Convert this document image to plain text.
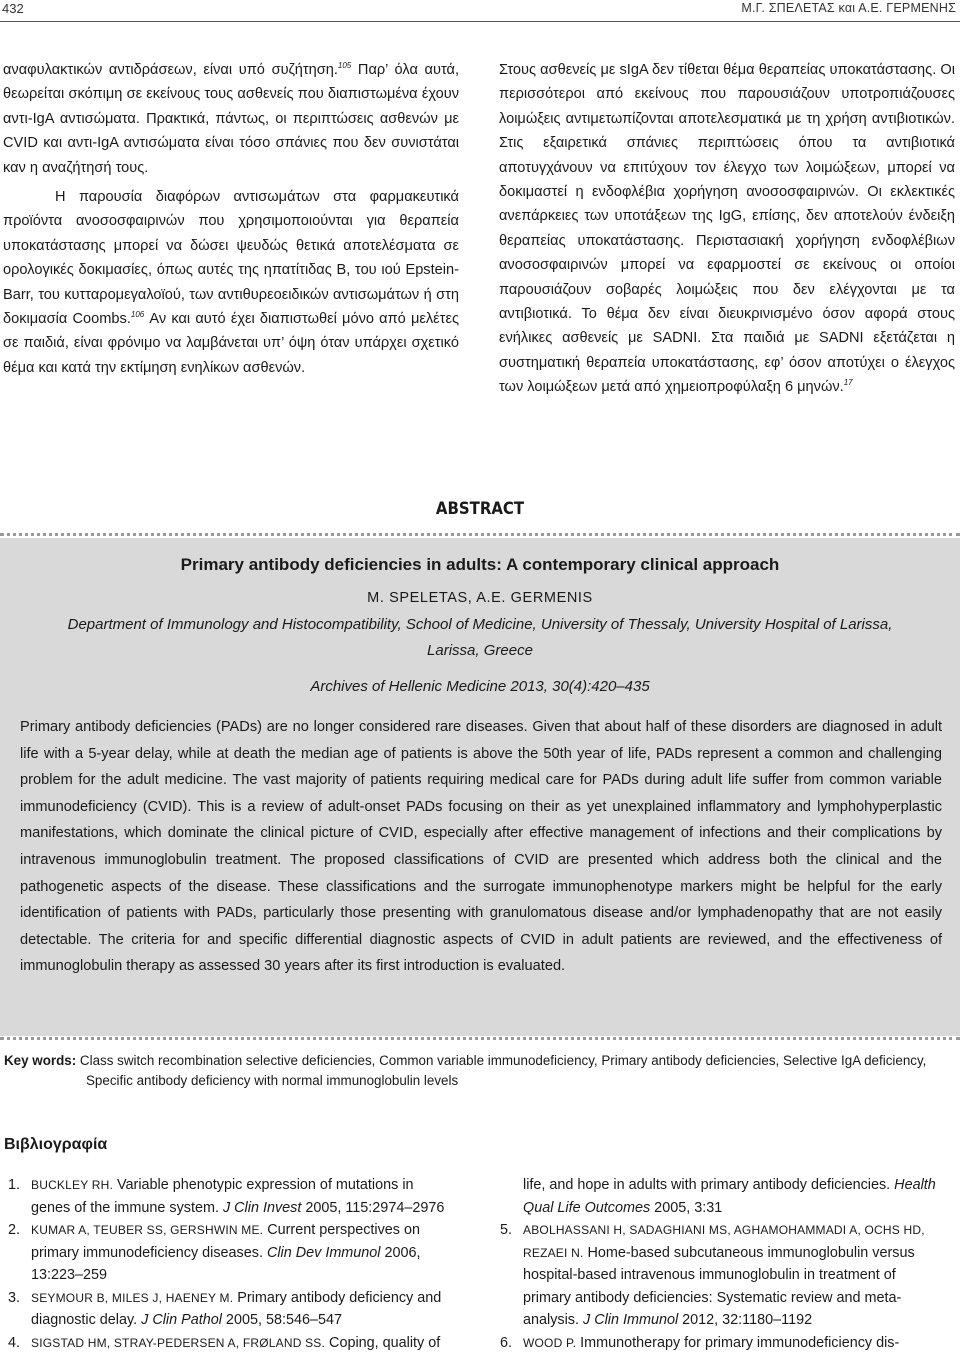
432	Μ.Γ. ΣΠΕΛΕΤΑΣ και Α.Ε. ΓΕΡΜΕΝΗΣ

αναφυλακτικών αντιδράσεων, είναι υπό συζήτηση.$^{105}$ Παρ’ όλα αυτά, θεωρείται σκόπιμη σε εκείνους τους ασθενείς που διαπιστωμένα έχουν αντι-IgA αντισώματα. Πρακτικά, πάντως, οι περιπτώσεις ασθενών με CVID και αντι-IgA αντισώματα είναι τόσο σπάνιες που δεν συνιστάται καν η αναζήτησή τους.

Η παρουσία διαφόρων αντισωμάτων στα φαρμακευτικά προϊόντα ανοσοσφαιρινών που χρησιμοποιούνται για θεραπεία υποκατάστασης μπορεί να δώσει ψευδώς θετικά αποτελέσματα σε ορολογικές δοκιμασίες, όπως αυτές της ηπατίτιδας B, του ιού Epstein-Barr, του κυτταρομεγαλοϊού, των αντιθυρεοειδικών αντισωμάτων ή στη δοκιμασία Coombs.$^{106}$ Αν και αυτό έχει διαπιστωθεί μόνο από μελέτες σε παιδιά, είναι φρόνιμο να λαμβάνεται υπ’ όψη όταν υπάρχει σχετικό θέμα και κατά την εκτίμηση ενηλίκων ασθενών.

Στους ασθενείς με sIgA δεν τίθεται θέμα θεραπείας υποκατάστασης. Οι περισσότεροι από εκείνους που παρουσιάζουν υποτροπιάζουσες λοιμώξεις αντιμετωπίζονται αποτελεσματικά με τη χρήση αντιβιοτικών. Στις εξαιρετικά σπάνιες περιπτώσεις όπου τα αντιβιοτικά αποτυγχάνουν να επιτύχουν τον έλεγχο των λοιμώξεων, μπορεί να δοκιμαστεί η ενδοφλέβια χορήγηση ανοσοσφαιρινών. Οι εκλεκτικές ανεπάρκειες των υποτάξεων της IgG, επίσης, δεν αποτελούν ένδειξη θεραπείας υποκατάστασης. Περιστασιακή χορήγηση ενδοφλέβιων ανοσοσφαιρινών μπορεί να εφαρμοστεί σε εκείνους οι οποίοι παρουσιάζουν σοβαρές λοιμώξεις που δεν ελέγχονται με τα αντιβιοτικά. Το θέμα δεν είναι διευκρινισμένο όσον αφορά στους ενήλικες ασθενείς με SADNI. Στα παιδιά με SADNI εξετάζεται η συστηματική θεραπεία υποκατάστασης, εφ’ όσον αποτύχει ο έλεγχος των λοιμώξεων μετά από χημειοπροφύλαξη 6 μηνών.$^{17}$

ABSTRACT
Primary antibody deficiencies in adults: A contemporary clinical approach
M. SPELETAS, A.E. GERMENIS
Department of Immunology and Histocompatibility, School of Medicine, University of Thessaly, University Hospital of Larissa, Larissa, Greece
Archives of Hellenic Medicine 2013, 30(4):420–435

Primary antibody deficiencies (PADs) are no longer considered rare diseases. Given that about half of these disorders are diagnosed in adult life with a 5-year delay, while at death the median age of patients is above the 50th year of life, PADs represent a common and challenging problem for the adult medicine. The vast majority of patients requiring medical care for PADs during adult life suffer from common variable immunodeficiency (CVID). This is a review of adult-onset PADs focusing on their as yet unexplained inflammatory and lymphohyperplastic manifestations, which dominate the clinical picture of CVID, especially after effective management of infections and their complications by intravenous immunoglobulin treatment. The proposed classifications of CVID are presented which address both the clinical and the pathogenetic aspects of the disease. These classifications and the surrogate immunophenotype markers might be helpful for the early identification of patients with PADs, particularly those presenting with granulomatous disease and/or lymphadenopathy that are not easily detectable. The criteria for and specific differential diagnostic aspects of CVID in adult patients are reviewed, and the effectiveness of immunoglobulin therapy as assessed 30 years after its first introduction is evaluated.

Key words: Class switch recombination selective deficiencies, Common variable immunodeficiency, Primary antibody deficiencies, Selective IgA deficiency, Specific antibody deficiency with normal immunoglobulin levels
Βιβλιογραφία
1. BUCKLEY RH. Variable phenotypic expression of mutations in genes of the immune system. J Clin Invest 2005, 115:2974–2976
2. KUMAR A, TEUBER SS, GERSHWIN ME. Current perspectives on primary immunodeficiency diseases. Clin Dev Immunol 2006, 13:223–259
3. SEYMOUR B, MILES J, HAENEY M. Primary antibody deficiency and diagnostic delay. J Clin Pathol 2005, 58:546–547
4. SIGSTAD HM, STRAY-PEDERSEN A, FRØLAND SS. Coping, quality of
life, and hope in adults with primary antibody deficiencies. Health Qual Life Outcomes 2005, 3:31
5. ABOLHASSANI H, SADAGHIANI MS, AGHAMOHAMMADI A, OCHS HD, REZAEI N. Home-based subcutaneous immunoglobulin versus hospital-based intravenous immunoglobulin in treatment of primary antibody deficiencies: Systematic review and meta-analysis. J Clin Immunol 2012, 32:1180–1192
6. WOOD P. Immunotherapy for primary immunodeficiency dis-
